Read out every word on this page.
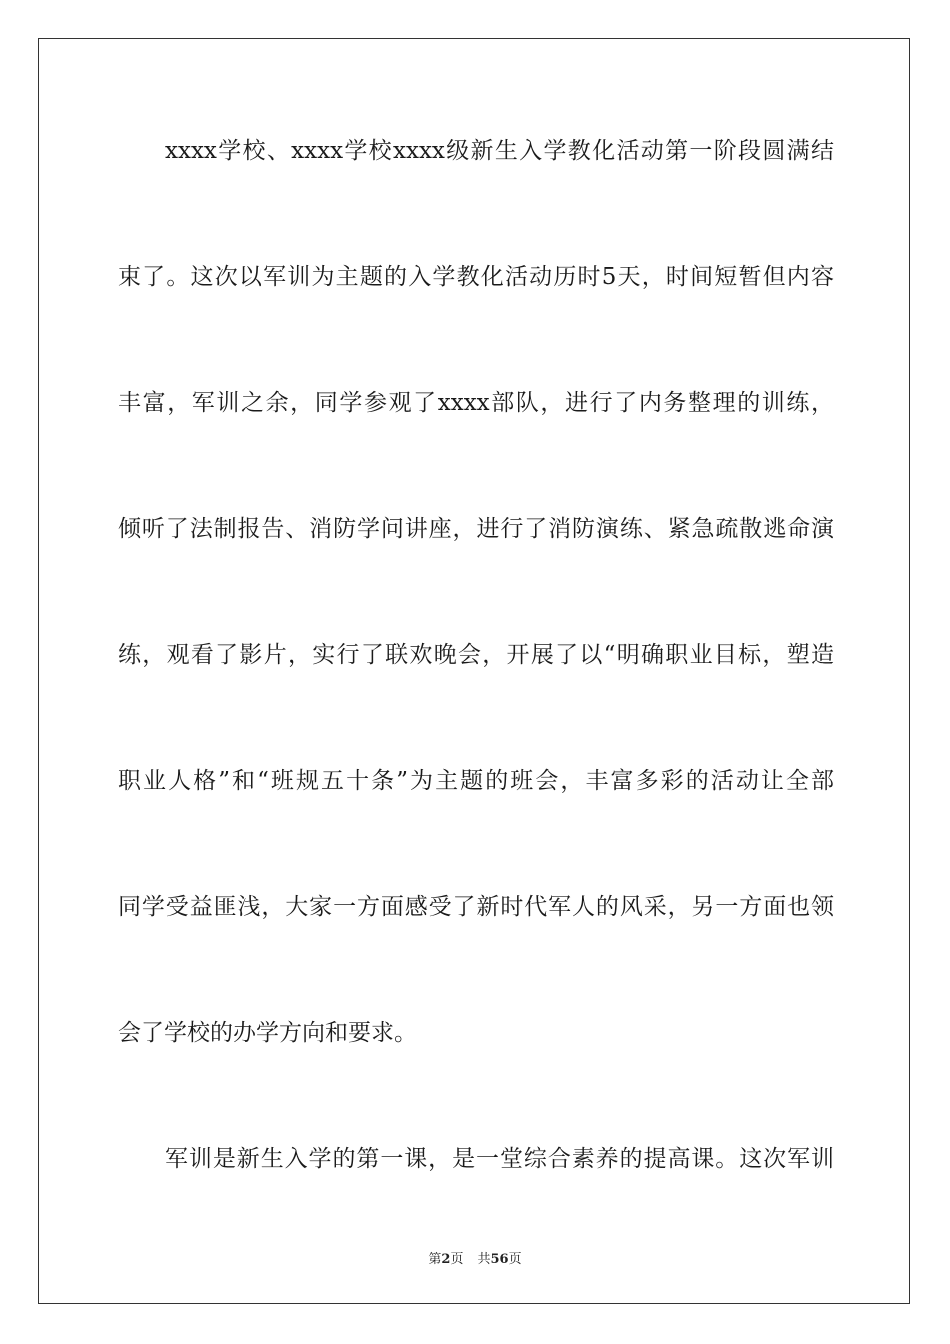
xxxx学校、xxxx学校xxxx级新生入学教化活动第一阶段圆满结
束了。这次以军训为主题的入学教化活动历时5天，时间短暂但内容
丰富，军训之余，同学参观了xxxx部队，进行了内务整理的训练，
倾听了法制报告、消防学问讲座，进行了消防演练、紧急疏散逃命演
练，观看了影片，实行了联欢晚会，开展了以“明确职业目标，塑造
职业人格”和“班规五十条”为主题的班会，丰富多彩的活动让全部
同学受益匪浅，大家一方面感受了新时代军人的风采，另一方面也领
会了学校的办学方向和要求。
军训是新生入学的第一课，是一堂综合素养的提高课。这次军训
第2页 共56页
